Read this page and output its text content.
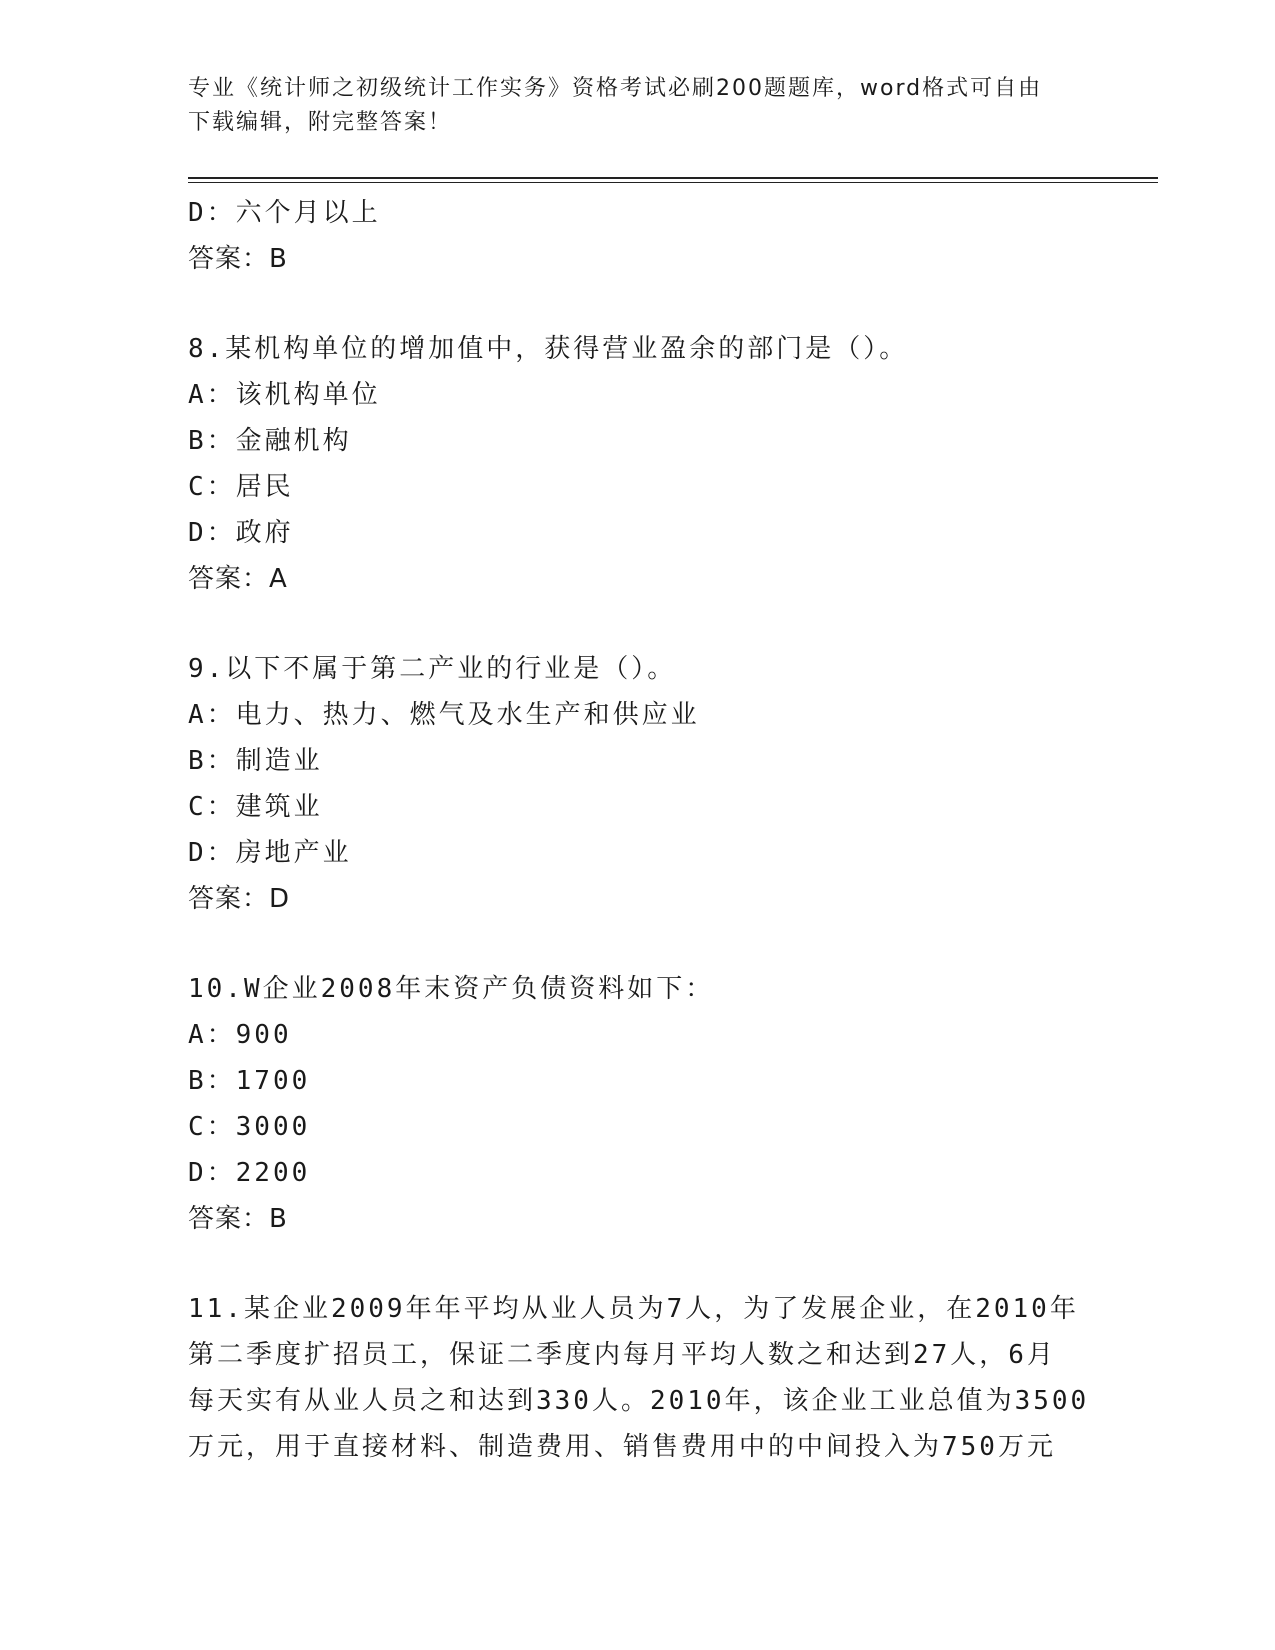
专业《统计师之初级统计工作实务》资格考试必刷200题题库，word格式可自由
下载编辑，附完整答案！
D：六个月以上
答案：B
8.某机构单位的增加值中，获得营业盈余的部门是（）。
A：该机构单位
B：金融机构
C：居民
D：政府
答案：A
9.以下不属于第二产业的行业是（）。
A：电力、热力、燃气及水生产和供应业
B：制造业
C：建筑业
D：房地产业
答案：D
10.W企业2008年末资产负债资料如下：
A：900
B：1700
C：3000
D：2200
答案：B
11.某企业2009年年平均从业人员为7人，为了发展企业，在2010年
第二季度扩招员工，保证二季度内每月平均人数之和达到27人，6月
每天实有从业人员之和达到330人。2010年，该企业工业总值为3500
万元，用于直接材料、制造费用、销售费用中的中间投入为750万元
